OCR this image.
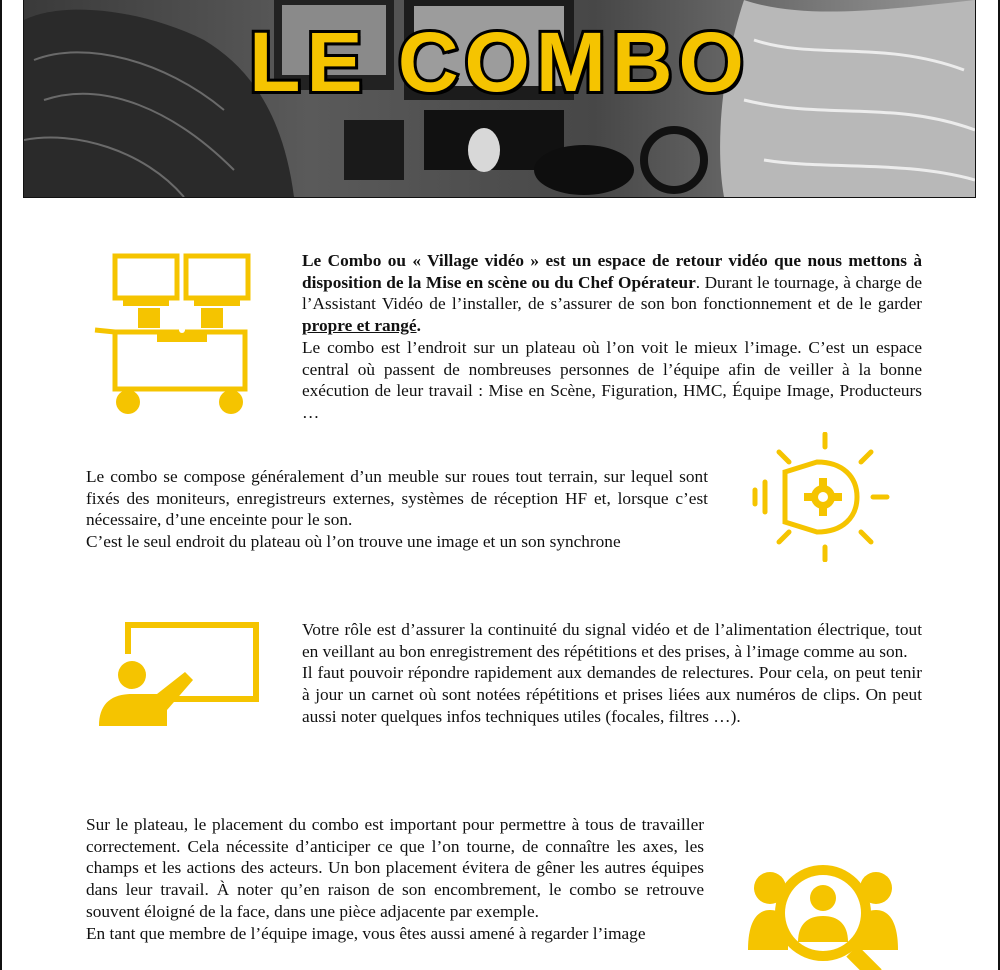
LE COMBO

Le Combo ou « Village vidéo » est un espace de retour vidéo que nous mettons à disposition de la Mise en scène ou du Chef Opérateur. Durant le tournage, à charge de l’Assistant Vidéo de l’installer, de s’assurer de son bon fonctionnement et de le garder propre et rangé.

Le combo est l’endroit sur un plateau où l’on voit le mieux l’image. C’est un espace central où passent de nombreuses personnes de l’équipe afin de veiller à la bonne exécution de leur travail : Mise en Scène, Figuration, HMC, Équipe Image, Producteurs …

Le combo se compose généralement d’un meuble sur roues tout terrain, sur lequel sont fixés des moniteurs, enregistreurs externes, systèmes de réception HF et, lorsque c’est nécessaire, d’une enceinte pour le son.

C’est le seul endroit du plateau où l’on trouve une image et un son synchrone

Votre rôle est d’assurer la continuité du signal vidéo et de l’alimentation électrique, tout en veillant au bon enregistrement des répétitions et des prises, à l’image comme au son.

Il faut pouvoir répondre rapidement aux demandes de relectures. Pour cela, on peut tenir à jour un carnet où sont notées répétitions et prises liées aux numéros de clips. On peut aussi noter quelques infos techniques utiles (focales, filtres …).

Sur le plateau, le placement du combo est important pour permettre à tous de travailler correctement. Cela nécessite d’anticiper ce que l’on tourne, de connaître les axes, les champs et les actions des acteurs. Un bon placement évitera de gêner les autres équipes dans leur travail. À noter qu’en raison de son encombrement, le combo se retrouve souvent éloigné de la face, dans une pièce adjacente par exemple.

En tant que membre de l’équipe image, vous êtes aussi amené à regarder l’image
